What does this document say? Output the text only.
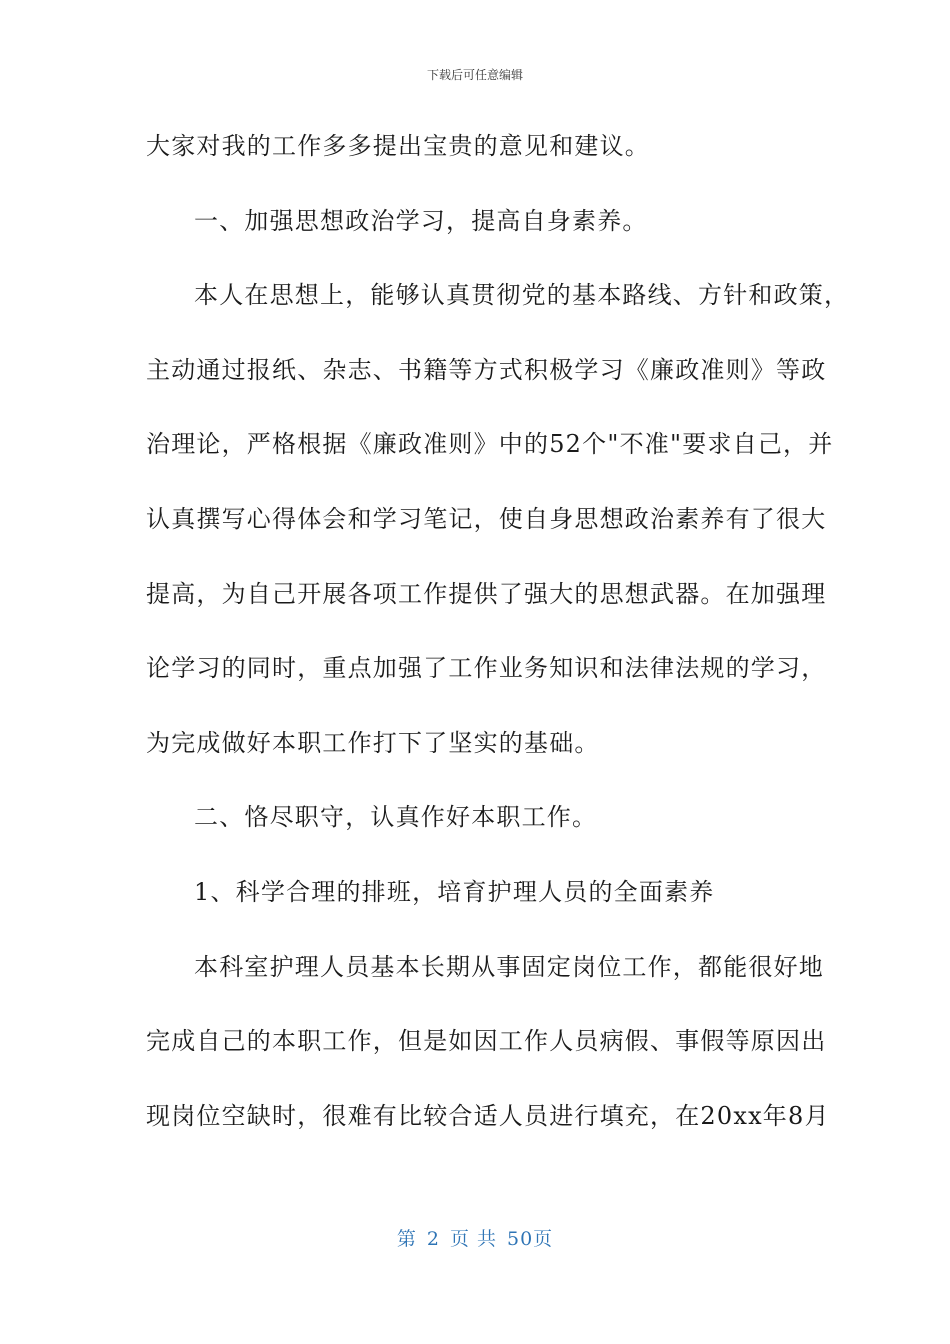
下载后可任意编辑
大家对我的工作多多提出宝贵的意见和建议。
一、加强思想政治学习，提高自身素养。
本人在思想上，能够认真贯彻党的基本路线、方针和政策，
主动通过报纸、杂志、书籍等方式积极学习《廉政准则》等政
治理论，严格根据《廉政准则》中的52个"不准"要求自己，并
认真撰写心得体会和学习笔记，使自身思想政治素养有了很大
提高，为自己开展各项工作提供了强大的思想武器。在加强理
论学习的同时，重点加强了工作业务知识和法律法规的学习，
为完成做好本职工作打下了坚实的基础。
二、恪尽职守，认真作好本职工作。
1、科学合理的排班，培育护理人员的全面素养
本科室护理人员基本长期从事固定岗位工作，都能很好地
完成自己的本职工作，但是如因工作人员病假、事假等原因出
现岗位空缺时，很难有比较合适人员进行填充，在20xx年8月
第 2 页 共 50页
